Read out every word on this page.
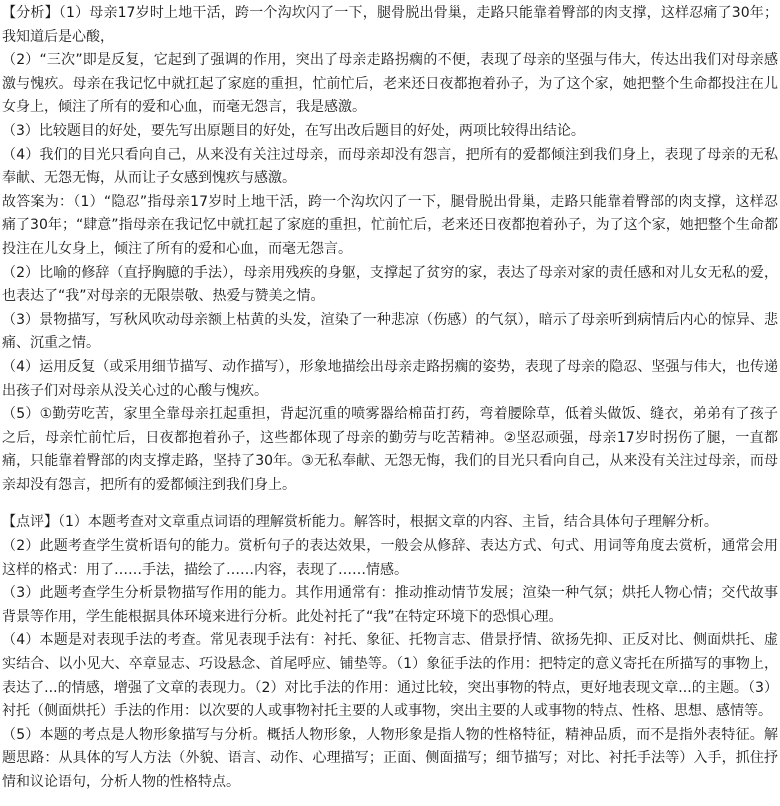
【分析】（1）母亲17岁时上地干活，跨一个沟坎闪了一下，腿骨脱出骨巢，走路只能靠着臀部的肉支撑，这样忍痛了30年；我知道后是心酸，

（2）“三次”即是反复，它起到了强调的作用，突出了母亲走路拐瘸的不便，表现了母亲的坚强与伟大，传达出我们对母亲感激与愧疚。母亲在我记忆中就扛起了家庭的重担，忙前忙后，老来还日夜都抱着孙子，为了这个家，她把整个生命都投注在儿女身上，倾注了所有的爱和心血，而毫无怨言，我是感激。

（3）比较题目的好处，要先写出原题目的好处，在写出改后题目的好处，两项比较得出结论。

（4）我们的目光只看向自己，从来没有关注过母亲，而母亲却没有怨言，把所有的爱都倾注到我们身上，表现了母亲的无私奉献、无怨无悔，从而让子女感到愧疚与感激。

故答案为：（1）“隐忍”指母亲17岁时上地干活，跨一个沟坎闪了一下，腿骨脱出骨巢，走路只能靠着臀部的肉支撑，这样忍痛了30年；“肆意”指母亲在我记忆中就扛起了家庭的重担，忙前忙后，老来还日夜都抱着孙子，为了这个家，她把整个生命都投注在儿女身上，倾注了所有的爱和心血，而毫无怨言。

（2）比喻的修辞（直抒胸臆的手法），母亲用残疾的身躯，支撑起了贫穷的家，表达了母亲对家的责任感和对儿女无私的爱，也表达了“我”对母亲的无限崇敬、热爱与赞美之情。

（3）景物描写，写秋风吹动母亲额上枯黄的头发，渲染了一种悲凉（伤感）的气氛），暗示了母亲听到病情后内心的惊异、悲痛、沉重之情。

（4）运用反复（或采用细节描写、动作描写），形象地描绘出母亲走路拐瘸的姿势，表现了母亲的隐忍、坚强与伟大，也传递出孩子们对母亲从没关心过的心酸与愧疚。

（5）①勤劳吃苦，家里全靠母亲扛起重担，背起沉重的喷雾器给棉苗打药，弯着腰除草，低着头做饭、缝衣，弟弟有了孩子之后，母亲忙前忙后，日夜都抱着孙子，这些都体现了母亲的勤劳与吃苦精神。②坚忍顽强，母亲17岁时拐伤了腿，一直都痛，只能靠着臀部的肉支撑走路，坚持了30年。③无私奉献、无怨无悔，我们的目光只看向自己，从来没有关注过母亲，而母亲却没有怨言，把所有的爱都倾注到我们身上。

【点评】（1）本题考查对文章重点词语的理解赏析能力。解答时，根据文章的内容、主旨，结合具体句子理解分析。

（2）此题考查学生赏析语句的能力。赏析句子的表达效果，一般会从修辞、表达方式、句式、用词等角度去赏析，通常会用这样的格式：用了……手法，描绘了……内容，表现了……情感。

（3）此题考查学生分析景物描写作用的能力。其作用通常有：推动推动情节发展；渲染一种气氛；烘托人物心情；交代故事背景等作用，学生能根据具体环境来进行分析。此处衬托了“我”在特定环境下的恐惧心理。

（4）本题是对表现手法的考查。常见表现手法有：衬托、象征、托物言志、借景抒情、欲扬先抑、正反对比、侧面烘托、虚实结合、以小见大、卒章显志、巧设悬念、首尾呼应、铺垫等。（1）象征手法的作用：把特定的意义寄托在所描写的事物上，表达了...的情感，增强了文章的表现力。（2）对比手法的作用：通过比较，突出事物的特点，更好地表现文章...的主题。（3）衬托（侧面烘托）手法的作用：以次要的人或事物衬托主要的人或事物，突出主要的人或事物的特点、性格、思想、感情等。

（5）本题的考点是人物形象描写与分析。概括人物形象，人物形象是指人物的性格特征，精神品质，而不是指外表特征。解题思路：从具体的写人方法（外貌、语言、动作、心理描写；正面、侧面描写；细节描写；对比、衬托手法等）入手，抓住抒情和议论语句，分析人物的性格特点。
